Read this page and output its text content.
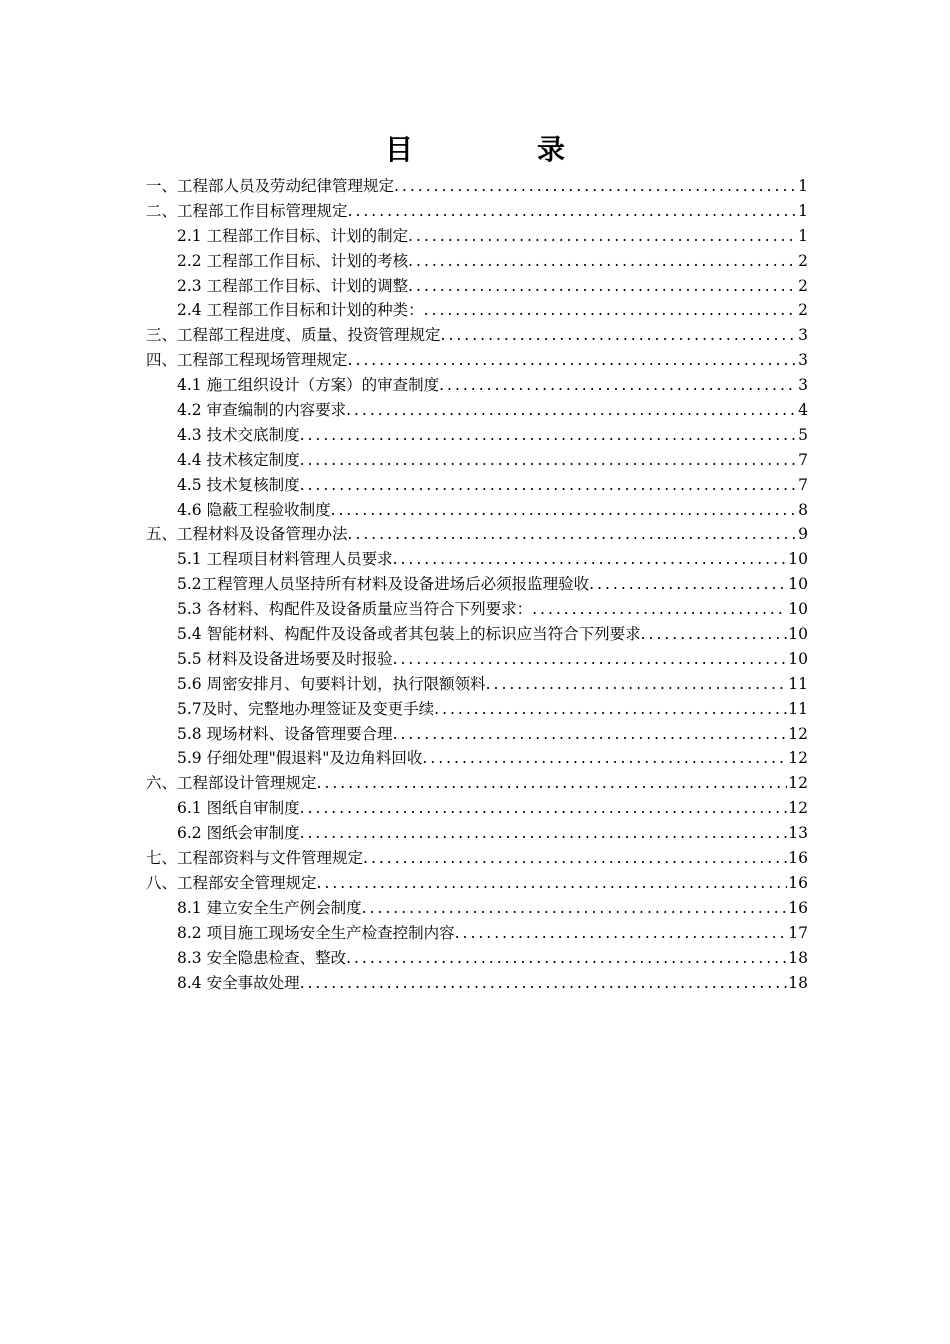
目　录
一、工程部人员及劳动纪律管理规定 .....	1
二、工程部工作目标管理规定 .....	1
2.1 工程部工作目标、计划的制定 .....	1
2.2 工程部工作目标、计划的考核 .....	2
2.3 工程部工作目标、计划的调整 .....	2
2.4 工程部工作目标和计划的种类： .....	2
三、工程部工程进度、质量、投资管理规定 .....	3
四、工程部工程现场管理规定 .....	3
4.1 施工组织设计（方案）的审查制度 .....	3
4.2 审查编制的内容要求 .....	4
4.3 技术交底制度 .....	5
4.4 技术核定制度 .....	7
4.5 技术复核制度 .....	7
4.6 隐蔽工程验收制度 .....	8
五、工程材料及设备管理办法 .....	9
5.1 工程项目材料管理人员要求 .....	10
5.2工程管理人员坚持所有材料及设备进场后必须报监理验收 .....	10
5.3 各材料、构配件及设备质量应当符合下列要求： .....	10
5.4 智能材料、构配件及设备或者其包装上的标识应当符合下列要求 .....	10
5.5 材料及设备进场要及时报验 .....	10
5.6 周密安排月、旬要料计划，执行限额领料 .....	11
5.7及时、完整地办理签证及变更手续 .....	11
5.8 现场材料、设备管理要合理 .....	12
5.9 仔细处理"假退料"及边角料回收 .....	12
六、工程部设计管理规定 .....	12
6.1 图纸自审制度 .....	12
6.2 图纸会审制度 .....	13
七、工程部资料与文件管理规定 .....	16
八、工程部安全管理规定 .....	16
8.1 建立安全生产例会制度 .....	16
8.2 项目施工现场安全生产检查控制内容 .....	17
8.3 安全隐患检查、整改 .....	18
8.4 安全事故处理 .....	18
